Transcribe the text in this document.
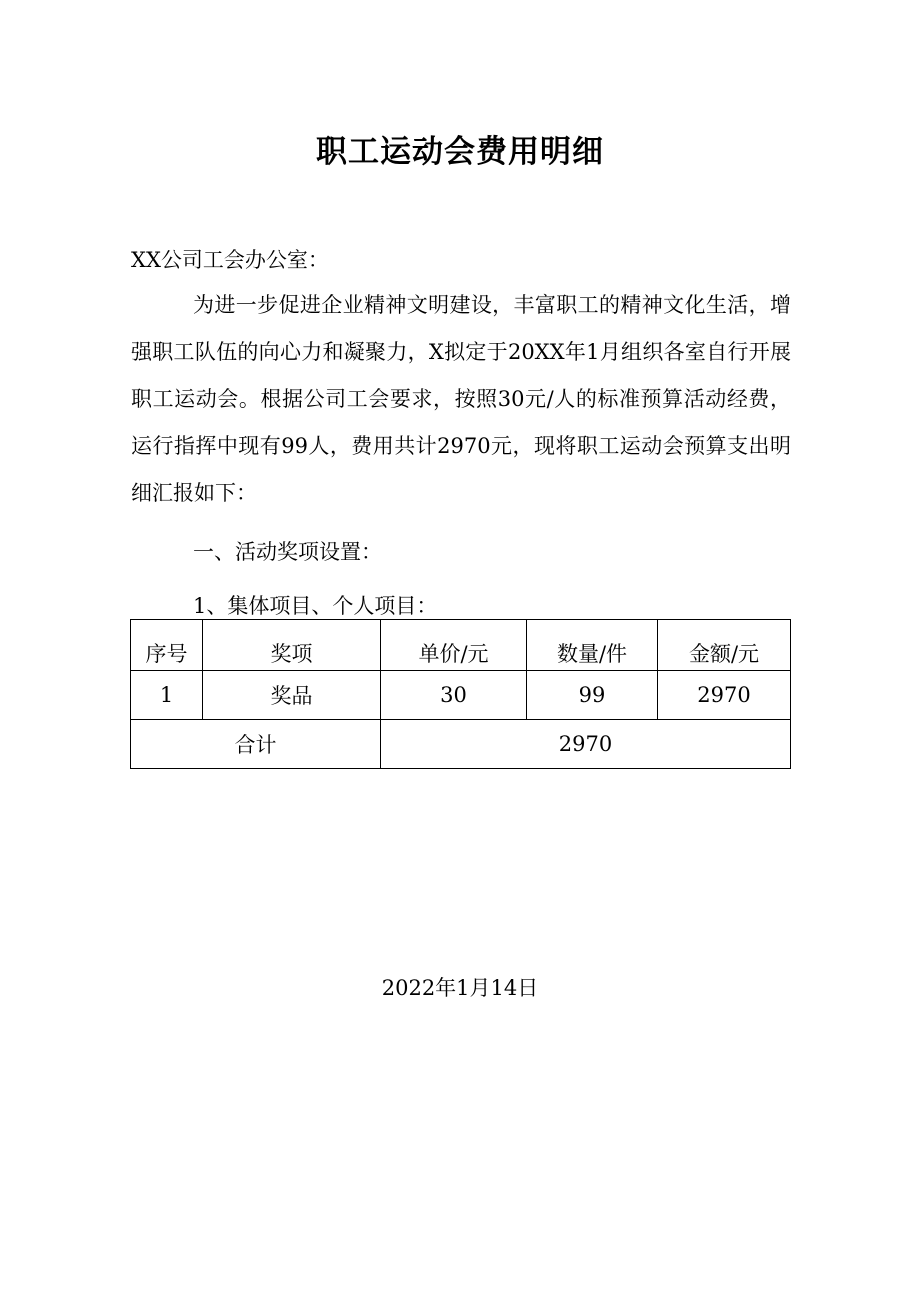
职工运动会费用明细
XX公司工会办公室：
为进一步促进企业精神文明建设，丰富职工的精神文化生活，增强职工队伍的向心力和凝聚力，X拟定于20XX年1月组织各室自行开展职工运动会。根据公司工会要求，按照30元/人的标准预算活动经费，运行指挥中现有99人，费用共计2970元，现将职工运动会预算支出明细汇报如下：
一、活动奖项设置：
1、集体项目、个人项目：
序号	奖项	单价/元	数量/件	金额/元
1	奖品	30	99	2970
合计		2970		
2022年1月14日
